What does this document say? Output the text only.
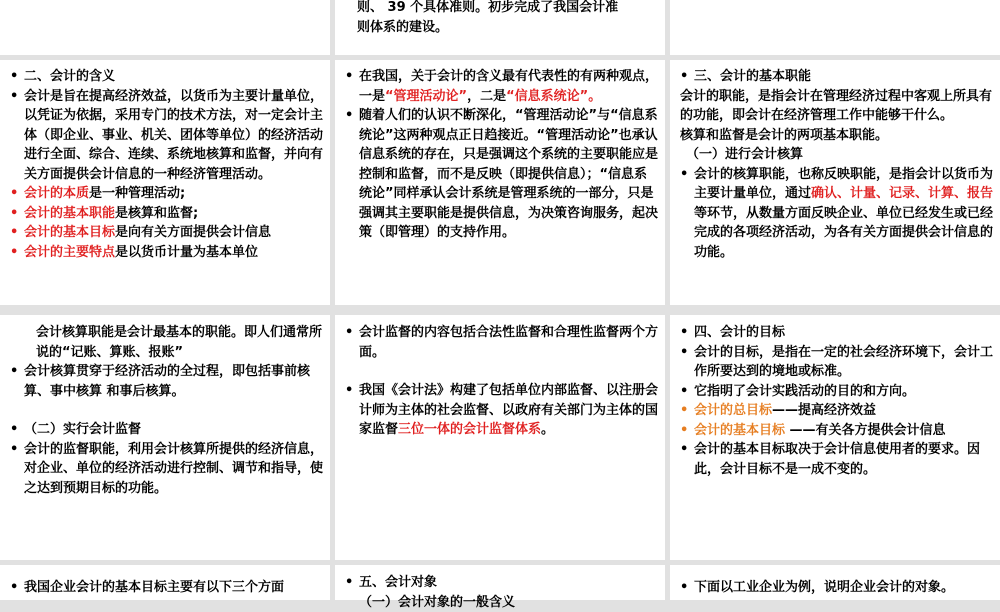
则、 39 个具体准则。初步完成了我国会计准
则体系的建设。
• 二、会计的含义
• 会计是旨在提高经济效益，以货币为主要计量单位，以凭证为依据，采用专门的技术方法，对一定会计主体（即企业、事业、机关、团体等单位）的经济活动进行全面、综合、连续、系统地核算和监督，并向有关方面提供会计信息的一种经济管理活动。
• 会计的本质是一种管理活动;
• 会计的基本职能是核算和监督;
• 会计的基本目标是向有关方面提供会计信息
• 会计的主要特点是以货币计量为基本单位
• 在我国，关于会计的含义最有代表性的有两种观点，一是“管理活动论”，二是“信息系统论”。
• 随着人们的认识不断深化，“管理活动论”与“信息系统论”这两种观点正日趋接近。“管理活动论”也承认信息系统的存在，只是强调这个系统的主要职能应是控制和监督，而不是反映（即提供信息）；“信息系统论”同样承认会计系统是管理系统的一部分，只是强调其主要职能是提供信息，为决策咨询服务，起决策（即管理）的支持作用。
• 三、会计的基本职能
会计的职能，是指会计在管理经济过程中客观上所具有的功能，即会计在经济管理工作中能够干什么。
核算和监督是会计的两项基本职能。
（一）进行会计核算
• 会计的核算职能，也称反映职能，是指会计以货币为主要计量单位，通过确认、计量、记录、计算、报告等环节，从数量方面反映企业、单位已经发生或已经完成的各项经济活动，为各有关方面提供会计信息的功能。
会计核算职能是会计最基本的职能。即人们通常所说的“记账、算账、报账”
• 会计核算贯穿于经济活动的全过程，即包括事前核算、事中核算 和事后核算。
• （二）实行会计监督
• 会计的监督职能，利用会计核算所提供的经济信息，对企业、单位的经济活动进行控制、调节和指导，使之达到预期目标的功能。
• 会计监督的内容包括合法性监督和合理性监督两个方面。
• 我国《会计法》构建了包括单位内部监督、以注册会计师为主体的社会监督、以政府有关部门为主体的国家监督三位一体的会计监督体系。
• 四、会计的目标
• 会计的目标，是指在一定的社会经济环境下，会计工作所要达到的境地或标准。
• 它指明了会计实践活动的目的和方向。
• 会计的总目标——提高经济效益
• 会计的基本目标 ——有关各方提供会计信息
• 会计的基本目标取决于会计信息使用者的要求。因此，会计目标不是一成不变的。
• 我国企业会计的基本目标主要有以下三个方面
•	五、会计对象
（一）会计对象的一般含义
• 下面以工业企业为例，说明企业会计的对象。
